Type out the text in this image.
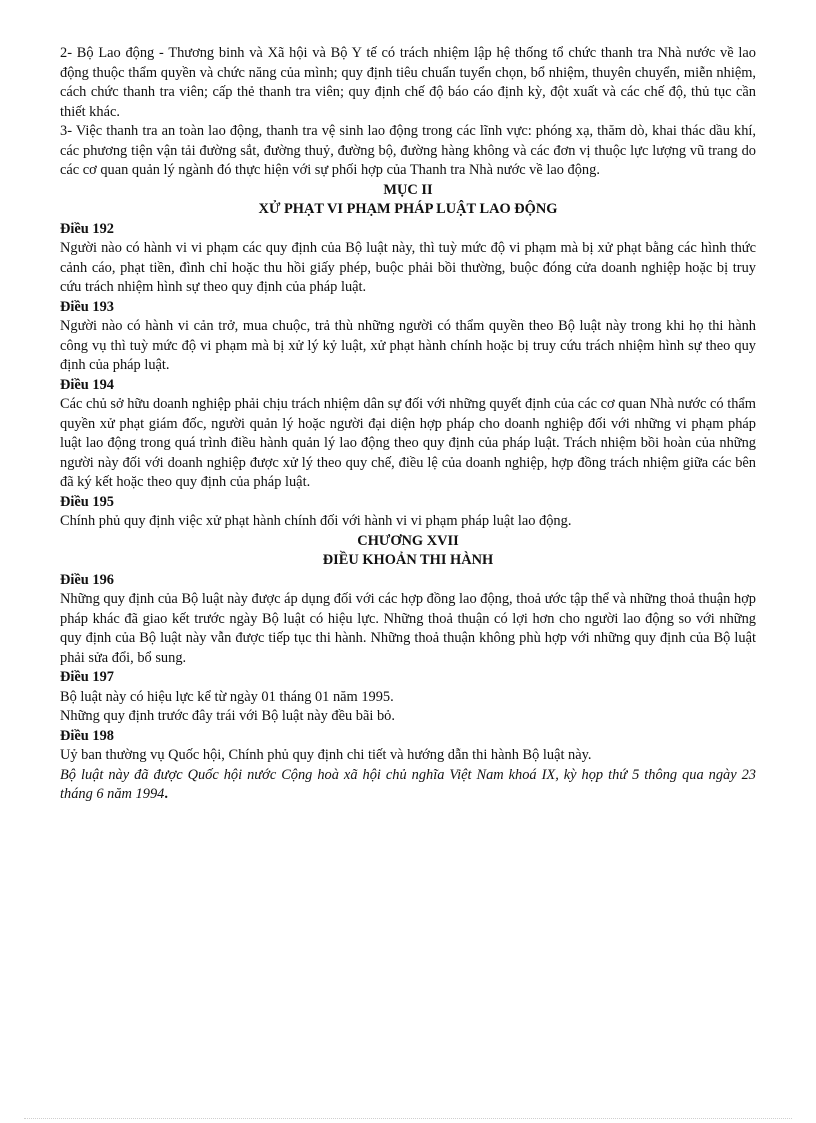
2- Bộ Lao động - Thương binh và Xã hội và Bộ Y tế có trách nhiệm lập hệ thống tổ chức thanh tra Nhà nước về lao động thuộc thẩm quyền và chức năng của mình; quy định tiêu chuẩn tuyển chọn, bổ nhiệm, thuyên chuyển, miễn nhiệm, cách chức thanh tra viên; cấp thẻ thanh tra viên; quy định chế độ báo cáo định kỳ, đột xuất và các chế độ, thủ tục cần thiết khác.

3- Việc thanh tra an toàn lao động, thanh tra vệ sinh lao động trong các lĩnh vực: phóng xạ, thăm dò, khai thác dầu khí, các phương tiện vận tải đường sắt, đường thuỷ, đường bộ, đường hàng không và các đơn vị thuộc lực lượng vũ trang do các cơ quan quản lý ngành đó thực hiện với sự phối hợp của Thanh tra Nhà nước về lao động.

MỤC II

XỬ PHẠT VI PHẠM PHÁP LUẬT LAO ĐỘNG

Điều 192

Người nào có hành vi vi phạm các quy định của Bộ luật này, thì tuỳ mức độ vi phạm mà bị xử phạt bằng các hình thức cảnh cáo, phạt tiền, đình chỉ hoặc thu hồi giấy phép, buộc phải bồi thường, buộc đóng cửa doanh nghiệp hoặc bị truy cứu trách nhiệm hình sự theo quy định của pháp luật.

Điều 193

Người nào có hành vi cản trở, mua chuộc, trả thù những người có thẩm quyền theo Bộ luật này trong khi họ thi hành công vụ thì tuỳ mức độ vi phạm mà bị xử lý kỷ luật, xử phạt hành chính hoặc bị truy cứu trách nhiệm hình sự theo quy định của pháp luật.

Điều 194

Các chủ sở hữu doanh nghiệp phải chịu trách nhiệm dân sự đối với những quyết định của các cơ quan Nhà nước có thẩm quyền xử phạt giám đốc, người quản lý hoặc người đại diện hợp pháp cho doanh nghiệp đối với những vi phạm pháp luật lao động trong quá trình điều hành quản lý lao động theo quy định của pháp luật. Trách nhiệm bồi hoàn của những người này đối với doanh nghiệp được xử lý theo quy chế, điều lệ của doanh nghiệp, hợp đồng trách nhiệm giữa các bên đã ký kết hoặc theo quy định của pháp luật.

Điều 195

Chính phủ quy định việc xử phạt hành chính đối với hành vi vi phạm pháp luật lao động.

CHƯƠNG XVII

ĐIỀU KHOẢN THI HÀNH

Điều 196

Những quy định của Bộ luật này được áp dụng đối với các hợp đồng lao động, thoả ước tập thể và những thoả thuận hợp pháp khác đã giao kết trước ngày Bộ luật có hiệu lực. Những thoả thuận có lợi hơn cho người lao động so với những quy định của Bộ luật này vẫn được tiếp tục thi hành. Những thoả thuận không phù hợp với những quy định của Bộ luật phải sửa đổi, bổ sung.

Điều 197

Bộ luật này có hiệu lực kể từ ngày 01 tháng 01 năm 1995.

Những quy định trước đây trái với Bộ luật này đều bãi bỏ.

Điều 198

Uỷ ban thường vụ Quốc hội, Chính phủ quy định chi tiết và hướng dẫn thi hành Bộ luật này.

Bộ luật này đã được Quốc hội nước Cộng hoà xã hội chủ nghĩa Việt Nam khoá IX, kỳ họp thứ 5 thông qua ngày 23 tháng 6 năm 1994.
